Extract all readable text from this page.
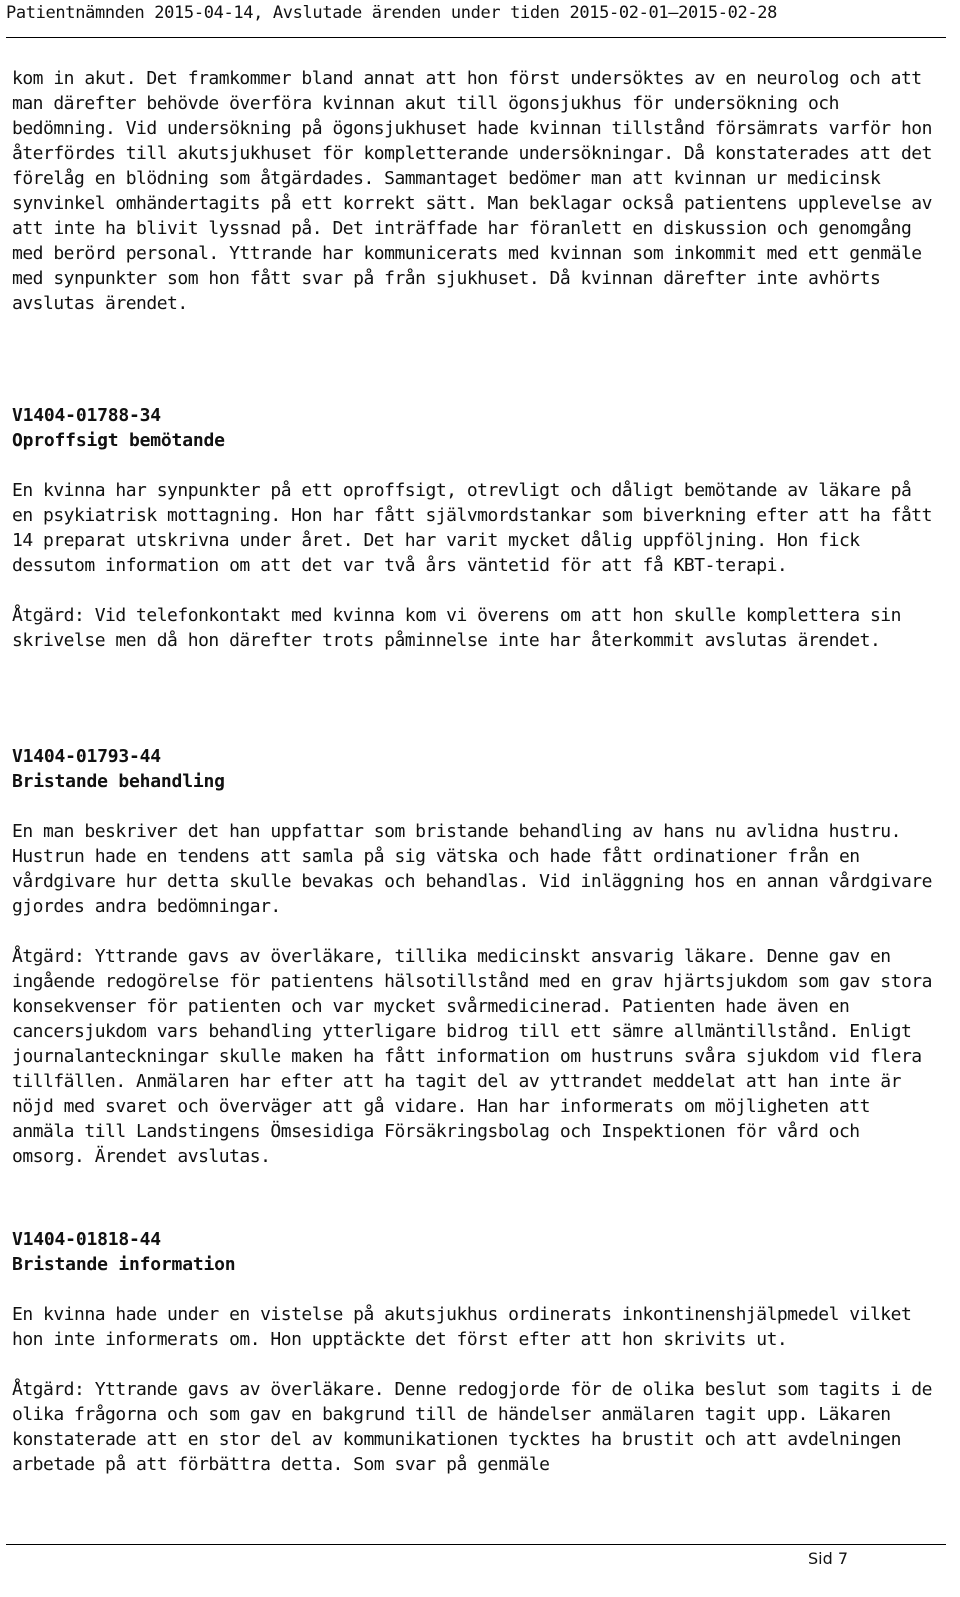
Patientnämnden 2015-04-14, Avslutade ärenden under tiden 2015-02-01—2015-02-28

kom in akut. Det framkommer bland annat att hon först undersöktes av en neurolog och att man därefter behövde överföra kvinnan akut till ögonsjukhus för undersökning och bedömning. Vid undersökning på ögonsjukhuset hade kvinnan tillstånd försämrats varför hon återfördes till akutsjukhuset för kompletterande undersökningar. Då konstaterades att det förelåg en blödning som åtgärdades. Sammantaget bedömer man att kvinnan ur medicinsk synvinkel omhändertagits på ett korrekt sätt. Man beklagar också patientens upplevelse av att inte ha blivit lyssnad på. Det inträffade har föranlett en diskussion och genomgång med berörd personal. Yttrande har kommunicerats med kvinnan som inkommit med ett genmäle med synpunkter som hon fått svar på från sjukhuset. Då kvinnan därefter inte avhörts avslutas ärendet.

V1404-01788-34

Oproffsigt bemötande

En kvinna har synpunkter på ett oproffsigt, otrevligt och dåligt bemötande av läkare på en psykiatrisk mottagning. Hon har fått självmordstankar som biverkning efter att ha fått 14 preparat utskrivna under året. Det har varit mycket dålig uppföljning. Hon fick dessutom information om att det var två års väntetid för att få KBT-terapi.

Åtgärd: Vid telefonkontakt med kvinna kom vi överens om att hon skulle komplettera sin skrivelse men då hon därefter trots påminnelse inte har återkommit avslutas ärendet.

V1404-01793-44

Bristande behandling

En man beskriver det han uppfattar som bristande behandling av hans nu avlidna hustru. Hustrun hade en tendens att samla på sig vätska och hade fått ordinationer från en vårdgivare hur detta skulle bevakas och behandlas. Vid inläggning hos en annan vårdgivare gjordes andra bedömningar.

Åtgärd: Yttrande gavs av överläkare, tillika medicinskt ansvarig läkare. Denne gav en ingående redogörelse för patientens hälsotillstånd med en grav hjärtsjukdom som gav stora konsekvenser för patienten och var mycket svårmedicinerad. Patienten hade även en cancersjukdom vars behandling ytterligare bidrog till ett sämre allmäntillstånd. Enligt journalanteckningar skulle maken ha fått information om hustruns svåra sjukdom vid flera tillfällen. Anmälaren har efter att ha tagit del av yttrandet meddelat att han inte är nöjd med svaret och överväger att gå vidare. Han har informerats om möjligheten att anmäla till Landstingens Ömsesidiga Försäkringsbolag och Inspektionen för vård och omsorg. Ärendet avslutas.

V1404-01818-44

Bristande information

En kvinna hade under en vistelse på akutsjukhus ordinerats inkontinenshjälpmedel vilket hon inte informerats om. Hon upptäckte det först efter att hon skrivits ut.

Åtgärd: Yttrande gavs av överläkare. Denne redogjorde för de olika beslut som tagits i de olika frågorna och som gav en bakgrund till de händelser anmälaren tagit upp. Läkaren konstaterade att en stor del av kommunikationen tycktes ha brustit och att avdelningen arbetade på att förbättra detta. Som svar på genmäle

Sid 7
